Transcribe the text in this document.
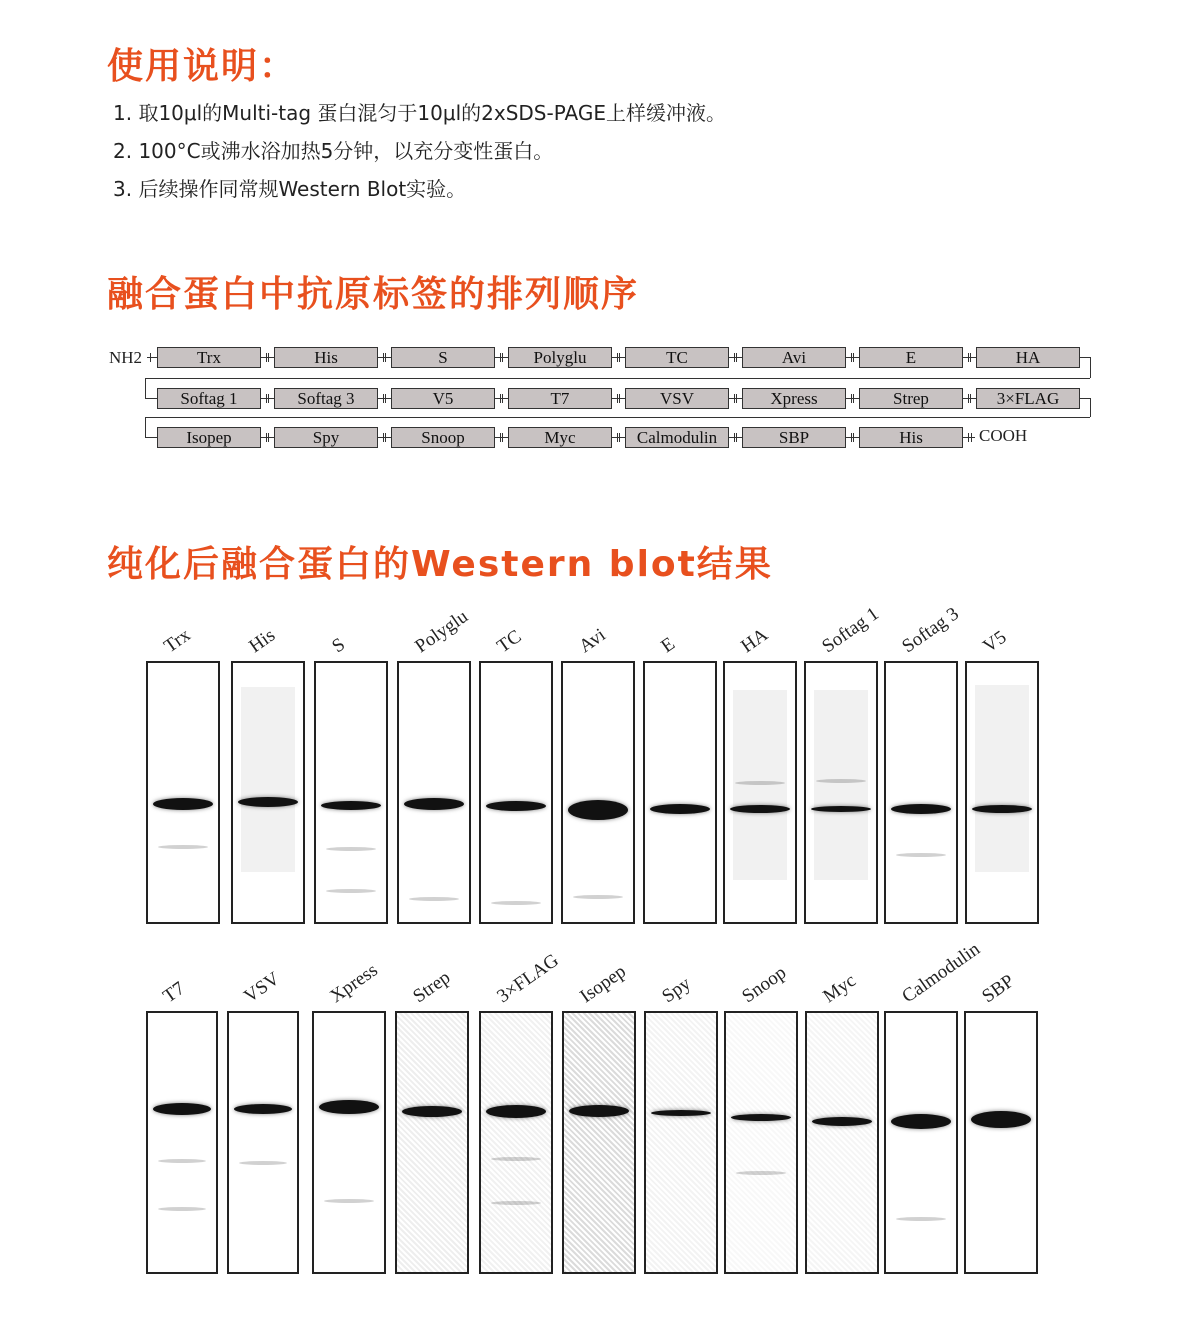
使用说明：
1. 取10μl的Multi-tag 蛋白混匀于10μl的2xSDS-PAGE上样缓冲液。
2. 100°C或沸水浴加热5分钟，以充分变性蛋白。
3. 后续操作同常规Western Blot实验。
融合蛋白中抗原标签的排列顺序
NH2
COOH
Trx	His	S	Polyglu	TC	Avi	E	HA
Softag 1	Softag 3	V5	T7	VSV	Xpress	Strep	3×FLAG
Isopep	Spy	Snoop	Myc	Calmodulin	SBP	His
纯化后融合蛋白的Western blot结果
Trx	His	S	Polyglu TC	Avi	E	HA Softag 1 Softag 3 V5
T7	VSV Xpress Strep 3×FLAG Isopep Spy Snoop Myc Calmodulin
SBP
